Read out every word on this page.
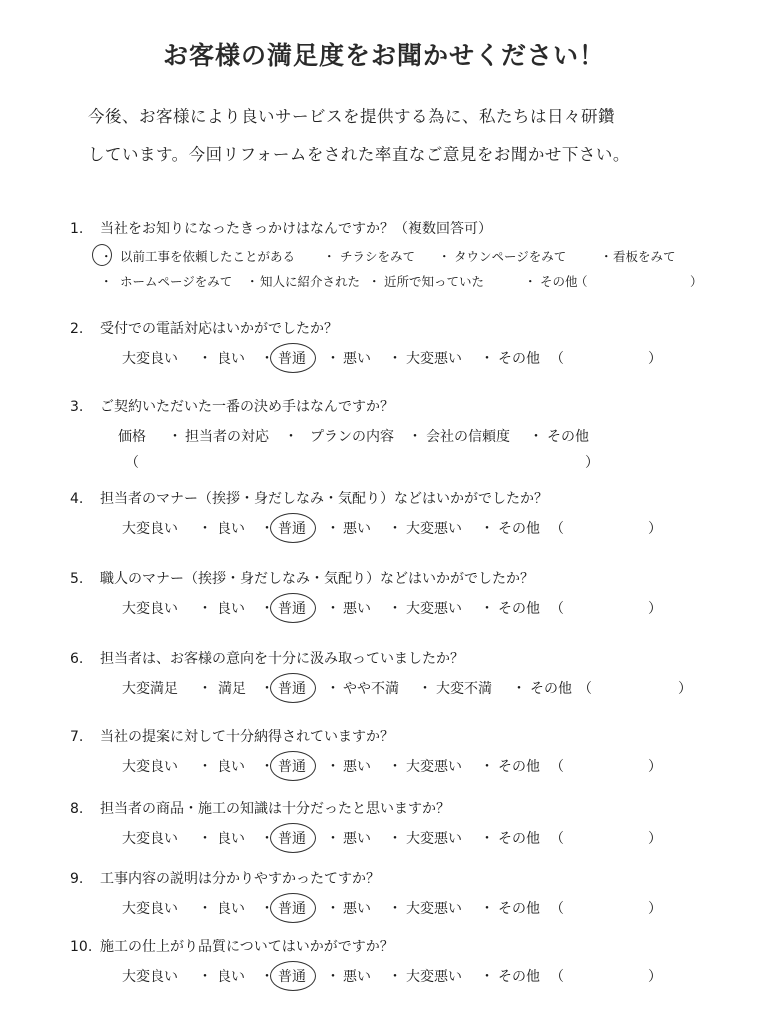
お客様の満足度をお聞かせください！
今後、お客様により良いサービスを提供する為に、私たちは日々研鑽
しています。今回リフォームをされた率直なご意見をお聞かせ下さい。
1. 当社をお知りになったきっかけはなんですか？（複数回答可）
・ 以前工事を依頼したことがある ・ チラシをみて ・ タウンページをみて	・ 看板をみて
・ ホームページをみて ・ 知人に紹介された ・ 近所で知っていた	・ その他
（	）
2. 受付での電話対応はいかがでしたか？
大変良い ・ 良い ・ 普通 ・ 悪い ・ 大変悪い ・ その他 （	）
3. ご契約いただいた一番の決め手はなんですか？
価格 ・ 担当者の対応 ・ プランの内容 ・ 会社の信頼度 ・ その他
（	）
4. 担当者のマナー（挨拶・身だしなみ・気配り）などはいかがでしたか？
大変良い ・ 良い ・ 普通 ・ 悪い ・ 大変悪い ・ その他 （	）
5. 職人のマナー（挨拶・身だしなみ・気配り）などはいかがでしたか？
大変良い ・ 良い ・ 普通 ・ 悪い ・ 大変悪い ・ その他 （	）
6. 担当者は、お客様の意向を十分に汲み取っていましたか？
大変満足 ・ 満足 ・ 普通 ・ やや不満 ・ 大変不満 ・ その他 （	）
7. 当社の提案に対して十分納得されていますか？
大変良い ・ 良い ・ 普通 ・ 悪い ・ 大変悪い ・ その他 （	）
8. 担当者の商品・施工の知識は十分だったと思いますか？
大変良い ・ 良い ・ 普通 ・ 悪い ・ 大変悪い ・ その他 （	）
9. 工事内容の説明は分かりやすかったてすか？
大変良い ・ 良い ・ 普通 ・ 悪い ・ 大変悪い ・ その他 （	）
10. 施工の仕上がり品質についてはいかがですか？
大変良い ・ 良い ・ 普通 ・ 悪い ・ 大変悪い ・ その他 （	）
